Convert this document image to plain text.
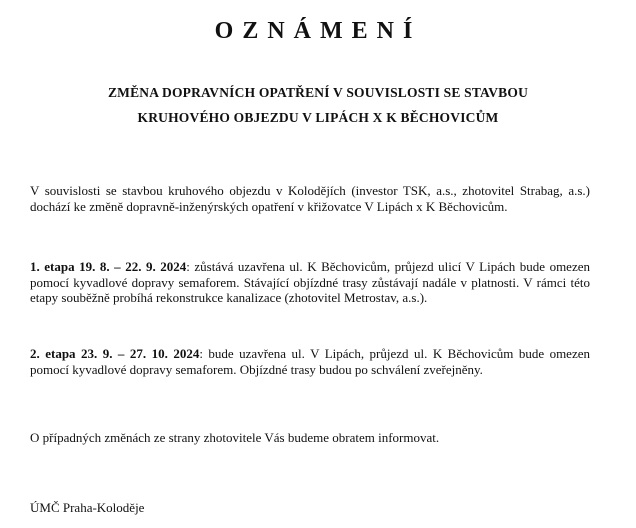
OZNÁMENÍ
ZMĚNA DOPRAVNÍCH OPATŘENÍ V SOUVISLOSTI SE STAVBOU
KRUHOVÉHO OBJEZDU V LIPÁCH X K BĚCHOVICŮM
V souvislosti se stavbou kruhového objezdu v Kolodějích (investor TSK, a.s., zhotovitel Strabag, a.s.) dochází ke změně dopravně-inženýrských opatření v křižovatce V Lipách x K Běchovicům.
1. etapa 19. 8. – 22. 9. 2024: zůstává uzavřena ul. K Běchovicům, průjezd ulicí V Lipách bude omezen pomocí kyvadlové dopravy semaforem. Stávající objízdné trasy zůstávají nadále v platnosti. V rámci této etapy souběžně probíhá rekonstrukce kanalizace (zhotovitel Metrostav, a.s.).
2. etapa 23. 9. – 27. 10. 2024: bude uzavřena ul. V Lipách, průjezd ul. K Běchovicům bude omezen pomocí kyvadlové dopravy semaforem. Objízdné trasy budou po schválení zveřejněny.
O případných změnách ze strany zhotovitele Vás budeme obratem informovat.
ÚMČ Praha-Koloděje
